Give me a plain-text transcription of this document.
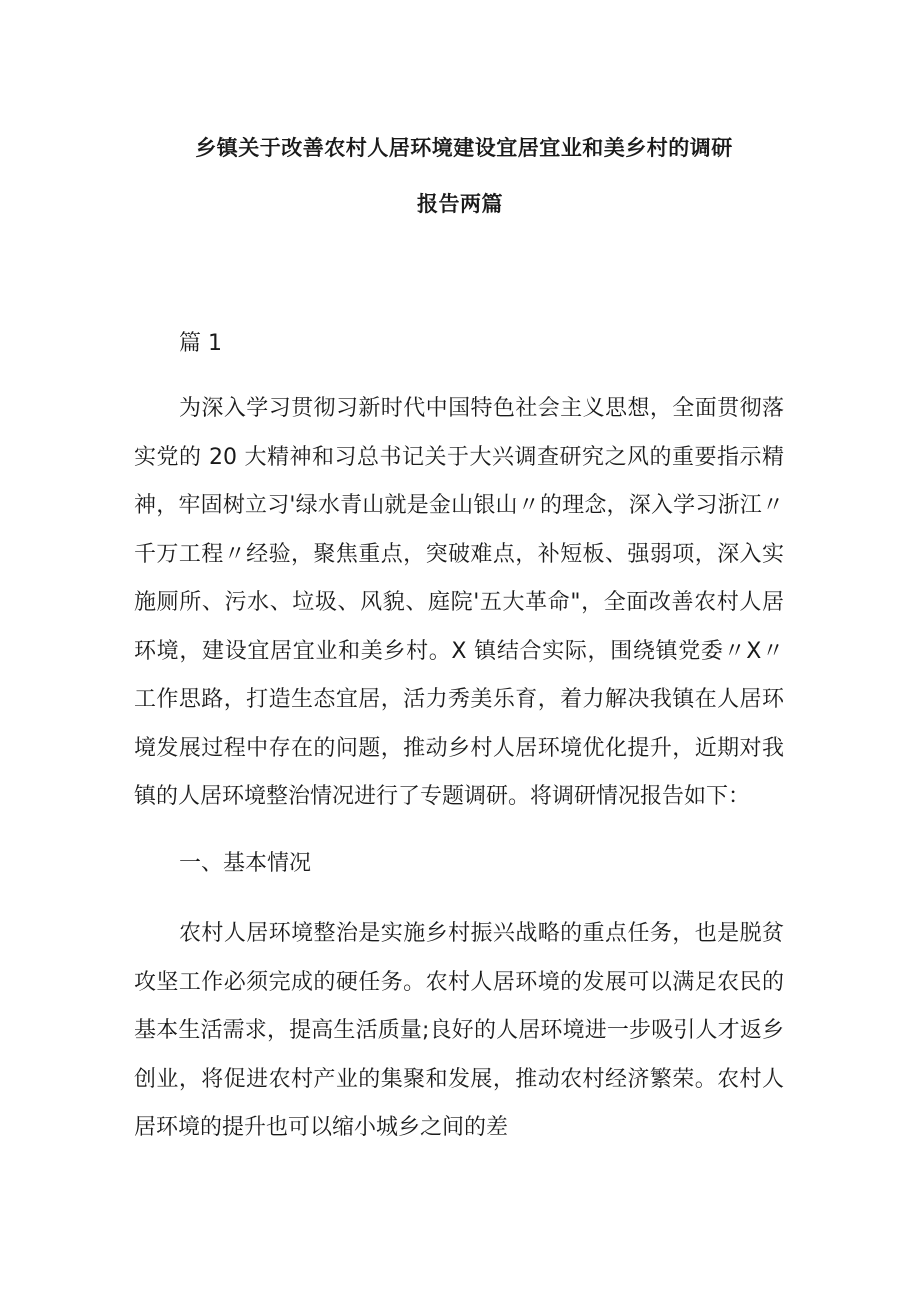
乡镇关于改善农村人居环境建设宜居宜业和美乡村的调研
报告两篇

篇 1

为深入学习贯彻习新时代中国特色社会主义思想，全面贯彻落实党的 20 大精神和习总书记关于大兴调查研究之风的重要指示精神，牢固树立习'绿水青山就是金山银山〃的理念，深入学习浙江〃千万工程〃经验，聚焦重点，突破难点，补短板、强弱项，深入实施厕所、污水、垃圾、风貌、庭院'五大革命"，全面改善农村人居环境，建设宜居宜业和美乡村。X 镇结合实际，围绕镇党委〃X〃工作思路，打造生态宜居，活力秀美乐育，着力解决我镇在人居环境发展过程中存在的问题，推动乡村人居环境优化提升，近期对我镇的人居环境整治情况进行了专题调研。将调研情况报告如下：

一、基本情况

农村人居环境整治是实施乡村振兴战略的重点任务，也是脱贫攻坚工作必须完成的硬任务。农村人居环境的发展可以满足农民的基本生活需求，提高生活质量;良好的人居环境进一步吸引人才返乡创业，将促进农村产业的集聚和发展，推动农村经济繁荣。农村人居环境的提升也可以缩小城乡之间的差
